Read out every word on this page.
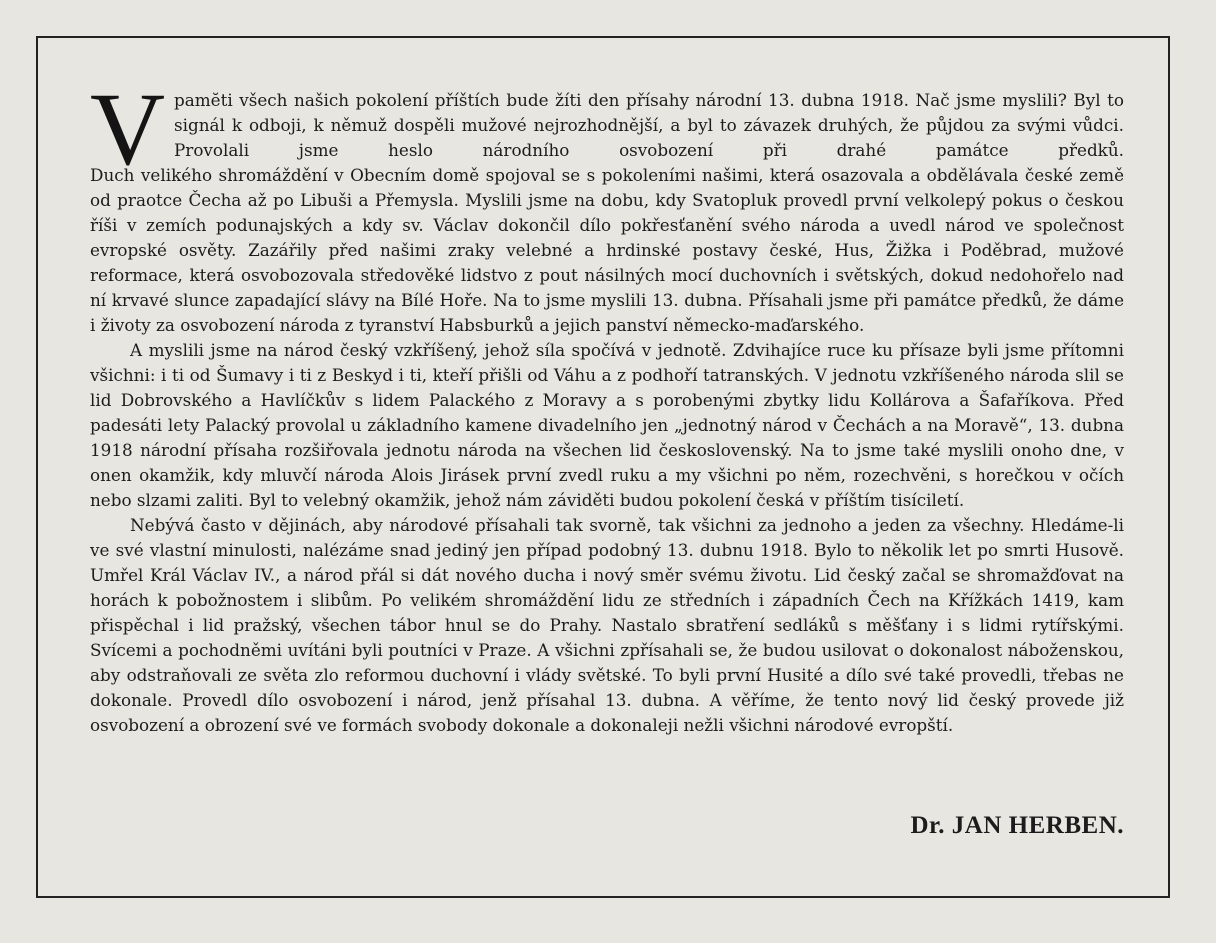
V pamĕti všech našich pokolení příštích bude žíti den přísahy národní 13. dubna 1918. Nač jsme myslili? Byl to signál k odboji, k němuž dospěli mužové nejrozhodnější, a byl to závazek druhých, že půjdou za svými vůdci. Provolali jsme heslo národního osvobození při drahé památce předků.

Duch velikého shromáždění v Obecním domě spojoval se s pokoleními našimi, která osazovala a obdělávala české země od praotce Čecha až po Libuši a Přemysla. Myslili jsme na dobu, kdy Svatopluk provedl první velkolepý pokus o českou říši v zemích podunajských a kdy sv. Václav dokončil dílo pokřesťanění svého národa a uvedl národ ve společnost evropské osvěty. Zazářily před našimi zraky velebné a hrdinské postavy české, Hus, Žižka i Poděbrad, mužové reformace, která osvobozovala středověké lidstvo z pout násilných mocí duchovních i světských, dokud nedohořelo nad ní krvavé slunce zapadající slávy na Bílé Hoře. Na to jsme myslili 13. dubna. Přísahali jsme při památce předků, že dáme i životy za osvobození národa z tyranství Habsburků a jejich panství německo-maďarského.

A myslili jsme na národ český vzkříšený, jehož síla spočívá v jednotě. Zdvihajíce ruce ku přísaze byli jsme přítomni všichni: i ti od Šumavy i ti z Beskyd i ti, kteří přišli od Váhu a z podhoří tatranských. V jednotu vzkříšeného národa slil se lid Dobrovského a Havlíčkův s lidem Palackého z Moravy a s porobenými zbytky lidu Kollárova a Šafaříkova. Před padesáti lety Palacký provolal u základního kamene divadelního jen „jednotný národ v Čechách a na Moravě“, 13. dubna 1918 národní přísaha rozšiřovala jednotu národa na všechen lid československý. Na to jsme také myslili onoho dne, v onen okamžik, kdy mluvčí národa Alois Jirásek první zvedl ruku a my všichni po něm, rozechvěni, s horečkou v očích nebo slzami zaliti. Byl to velebný okamžik, jehož nám záviděti budou pokolení česká v příštím tisíciletí.

Nebývá často v dějinách, aby národové přísahali tak svorně, tak všichni za jednoho a jeden za všechny. Hledáme-li ve své vlastní minulosti, nalézáme snad jediný jen případ podobný 13. dubnu 1918. Bylo to několik let po smrti Husově. Umřel Král Václav IV., a národ přál si dát nového ducha i nový směr svému životu. Lid český začal se shromažďovat na horách k pobožnostem i slibům. Po velikém shromáždění lidu ze středních i západních Čech na Křížkách 1419, kam přispěchal i lid pražský, všechen tábor hnul se do Prahy. Nastalo sbratření sedláků s měšťany i s lidmi rytířskými. Svícemi a pochodněmi uvítáni byli poutníci v Praze. A všichni zpřísahali se, že budou usilovat o dokonalost náboženskou, aby odstraňovali ze světa zlo reformou duchovní i vlády světské. To byli první Husité a dílo své také provedli, třebas ne dokonale. Provedl dílo osvobození i národ, jenž přísahal 13. dubna. A věříme, že tento nový lid český provede již osvobození a obrození své ve formách svobody dokonale a dokonaleji nežli všichni národové evropští.

Dr. JAN HERBEN.
